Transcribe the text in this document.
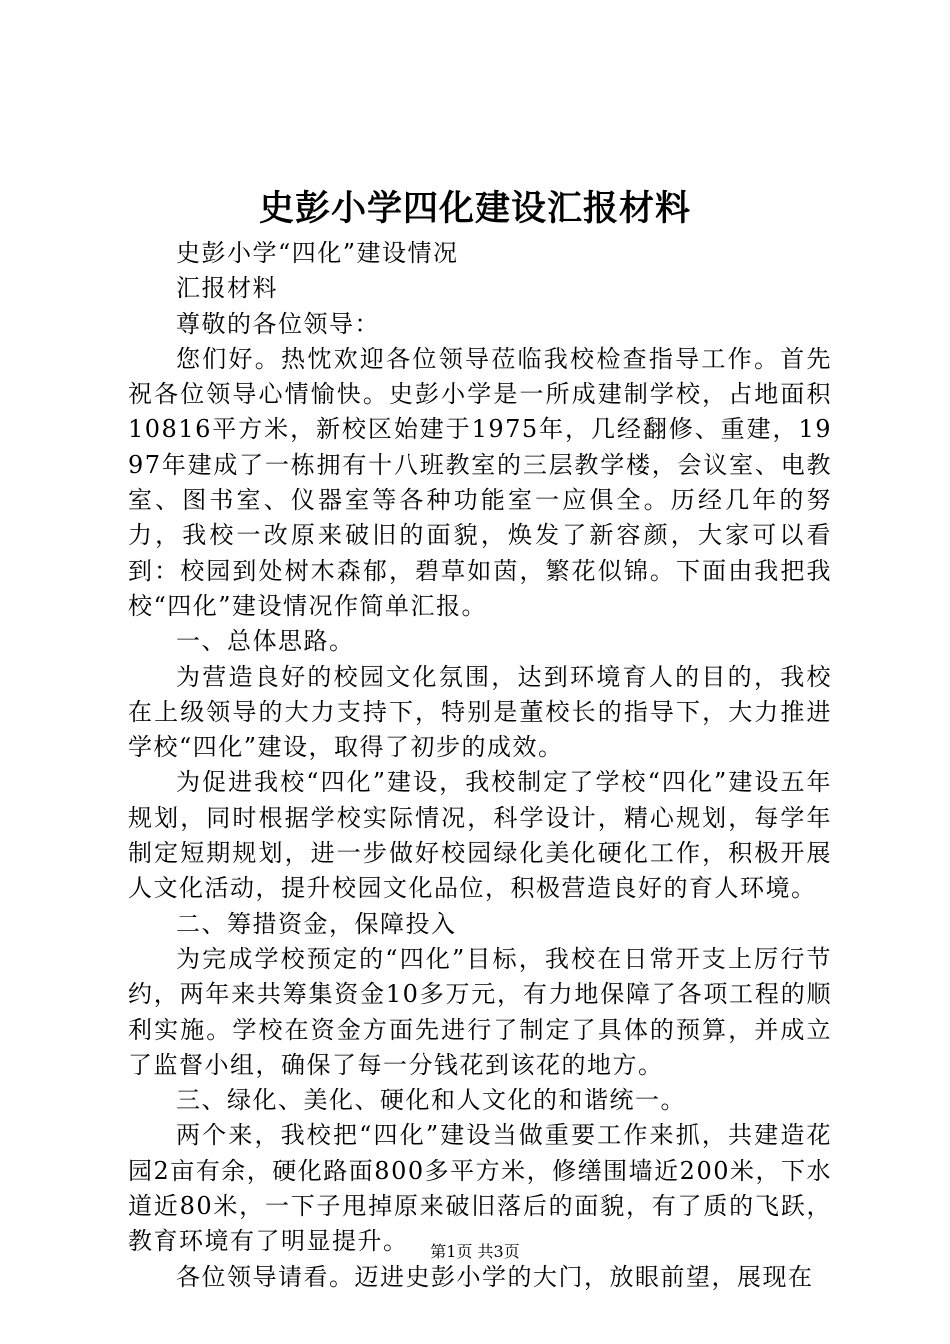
史彭小学四化建设汇报材料

史彭小学“四化”建设情况

汇报材料

尊敬的各位领导：

您们好。热忱欢迎各位领导莅临我校检查指导工作。首先祝各位领导心情愉快。史彭小学是一所成建制学校，占地面积10816平方米，新校区始建于1975年，几经翻修、重建，1997年建成了一栋拥有十八班教室的三层教学楼，会议室、电教室、图书室、仪器室等各种功能室一应俱全。历经几年的努力，我校一改原来破旧的面貌，焕发了新容颜，大家可以看到：校园到处树木森郁，碧草如茵，繁花似锦。下面由我把我校“四化”建设情况作简单汇报。

一、总体思路。

为营造良好的校园文化氛围，达到环境育人的目的，我校在上级领导的大力支持下，特别是董校长的指导下，大力推进学校“四化”建设，取得了初步的成效。

为促进我校“四化”建设，我校制定了学校“四化”建设五年规划，同时根据学校实际情况，科学设计，精心规划，每学年制定短期规划，进一步做好校园绿化美化硬化工作，积极开展人文化活动，提升校园文化品位，积极营造良好的育人环境。

二、筹措资金，保障投入

为完成学校预定的“四化”目标，我校在日常开支上厉行节约，两年来共筹集资金10多万元，有力地保障了各项工程的顺利实施。学校在资金方面先进行了制定了具体的预算，并成立了监督小组，确保了每一分钱花到该花的地方。

三、绿化、美化、硬化和人文化的和谐统一。

两个来，我校把“四化”建设当做重要工作来抓，共建造花园2亩有余，硬化路面800多平方米，修缮围墙近200米，下水道近80米，一下子甩掉原来破旧落后的面貌，有了质的飞跃，教育环境有了明显提升。

各位领导请看。迈进史彭小学的大门，放眼前望，展现在

第1页 共3页
